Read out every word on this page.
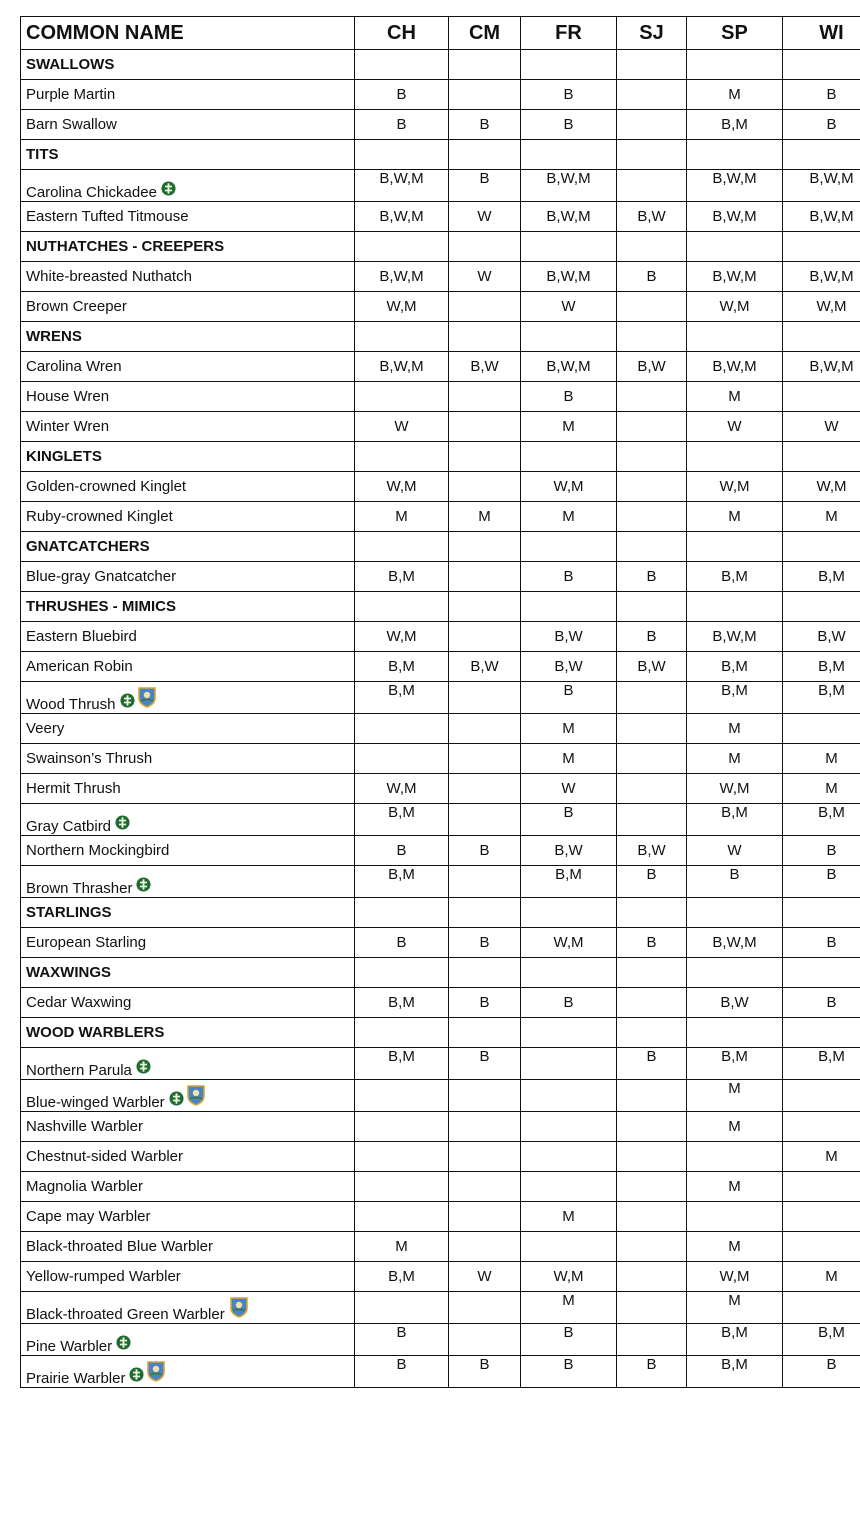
COMMON NAME	CH	CM	FR	SJ	SP	WI
SWALLOWS						
Purple Martin	B		B		M	B
Barn Swallow	B	B	B		B,M	B
TITS						
Carolina Chickadee	B,W,M	B	B,W,M		B,W,M	B,W,M
Eastern Tufted Titmouse	B,W,M	W	B,W,M	B,W	B,W,M	B,W,M
NUTHATCHES - CREEPERS						
White-breasted Nuthatch	B,W,M	W	B,W,M	B	B,W,M	B,W,M
Brown Creeper	W,M		W		W,M	W,M
WRENS						
Carolina Wren	B,W,M	B,W	B,W,M	B,W	B,W,M	B,W,M
House Wren			B		M	
Winter Wren	W		M		W	W
KINGLETS						
Golden-crowned Kinglet	W,M		W,M		W,M	W,M
Ruby-crowned Kinglet	M	M	M		M	M
GNATCATCHERS						
Blue-gray Gnatcatcher	B,M		B	B	B,M	B,M
THRUSHES - MIMICS						
Eastern Bluebird	W,M		B,W	B	B,W,M	B,W
American Robin	B,M	B,W	B,W	B,W	B,M	B,M
Wood Thrush	B,M		B		B,M	B,M
Veery			M		M	
Swainson’s Thrush			M		M	M
Hermit Thrush	W,M		W		W,M	M
Gray Catbird	B,M		B		B,M	B,M
Northern Mockingbird	B	B	B,W	B,W	W	B
Brown Thrasher	B,M		B,M	B	B	B
STARLINGS						
European Starling	B	B	W,M	B	B,W,M	B
WAXWINGS						
Cedar Waxwing	B,M	B	B		B,W	B
WOOD WARBLERS						
Northern Parula	B,M	B		B	B,M	B,M
Blue-winged Warbler					M	
Nashville Warbler					M	
Chestnut-sided Warbler						M
Magnolia Warbler					M	
Cape may Warbler			M			
Black-throated Blue Warbler	M				M	
Yellow-rumped Warbler	B,M	W	W,M		W,M	M
Black-throated Green Warbler			M		M	
Pine Warbler	B		B		B,M	B,M
Prairie Warbler	B	B	B	B	B,M	B
